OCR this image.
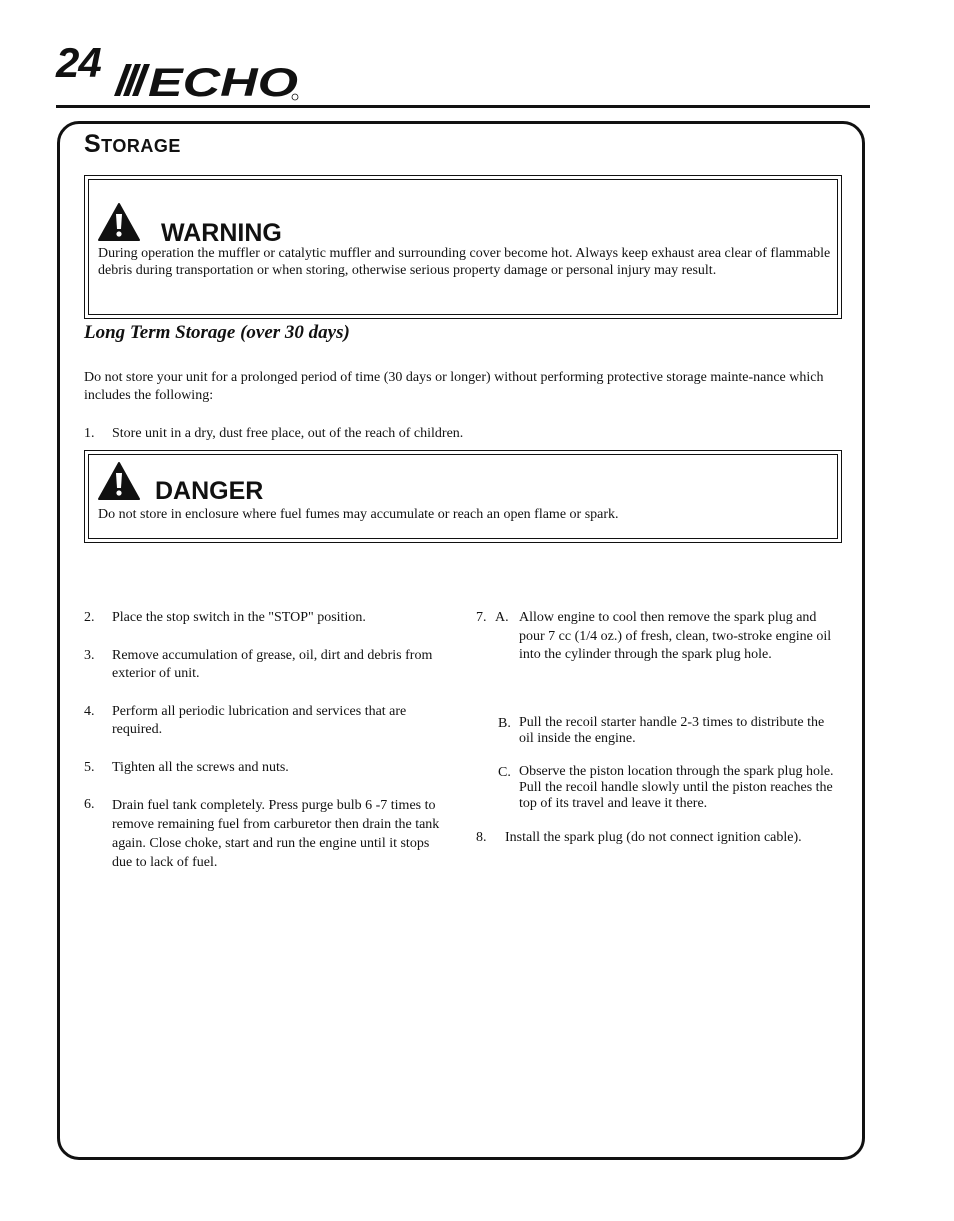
24 ECHO
Storage
WARNING
During operation the muffler or catalytic muffler and surrounding cover become hot. Always keep exhaust area clear of flammable debris during transportation or when storing, otherwise serious property damage or personal injury may result.
Long Term Storage (over 30 days)
Do not store your unit for a prolonged period of time (30 days or longer) without performing protective storage mainte-nance which includes the following:
1. Store unit in a dry, dust free place, out of the reach of children.
DANGER
Do not store in enclosure where fuel fumes may accumulate or reach an open flame or spark.
2. Place the stop switch in the "STOP" position.
3. Remove accumulation of grease, oil, dirt and debris from exterior of unit.
4. Perform all periodic lubrication and services that are required.
5. Tighten all the screws and nuts.
6. Drain fuel tank completely. Press purge bulb 6 -7 times to remove remaining fuel from carburetor then drain the tank again. Close choke, start and run the engine until it stops due to lack of fuel.
7. A. Allow engine to cool then remove the spark plug and pour 7 cc (1/4 oz.) of fresh, clean, two-stroke engine oil into the cylinder through the spark plug hole.
B. Pull the recoil starter handle 2-3 times to distribute the oil inside the engine.
C. Observe the piston location through the spark plug hole. Pull the recoil handle slowly until the piston reaches the top of its travel and leave it there.
8. Install the spark plug (do not connect ignition cable).
